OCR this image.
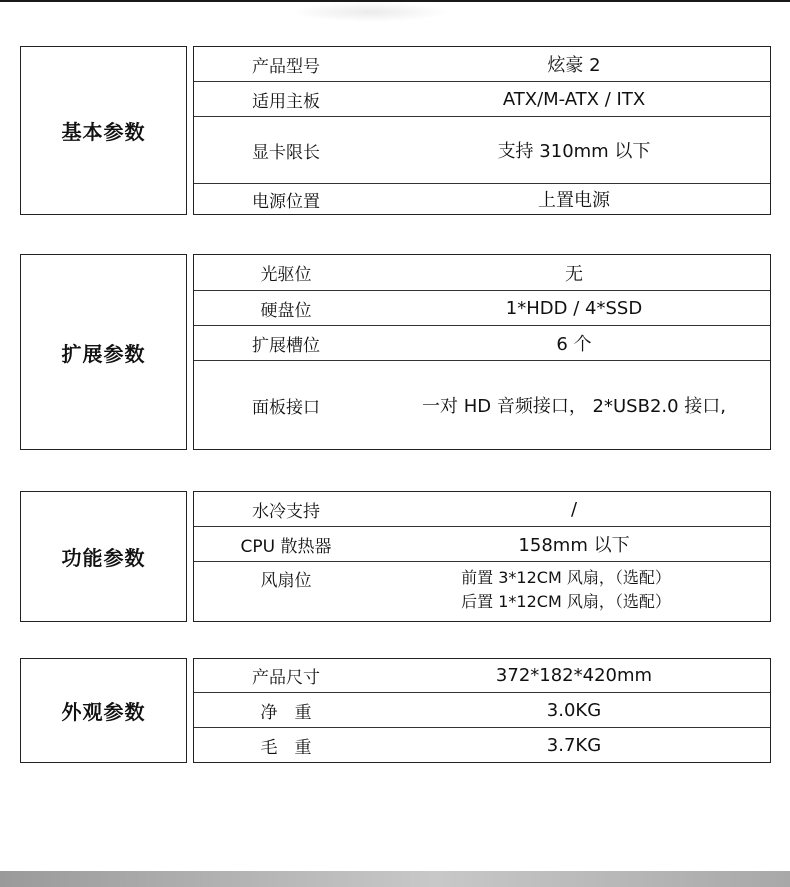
基本参数
产品型号	炫豪 2
适用主板	ATX/M-ATX / ITX
显卡限长	支持 310mm 以下
电源位置	上置电源
扩展参数
光驱位	无
硬盘位	1*HDD / 4*SSD
扩展槽位	6 个
面板接口	一对 HD 音频接口， 2*USB2.0 接口,
功能参数
水冷支持	/
CPU 散热器	158mm 以下
风扇位	前置 3*12CM 风扇，（选配）
后置 1*12CM 风扇，（选配）
外观参数
产品尺寸	372*182*420mm
净　重	3.0KG
毛　重	3.7KG
